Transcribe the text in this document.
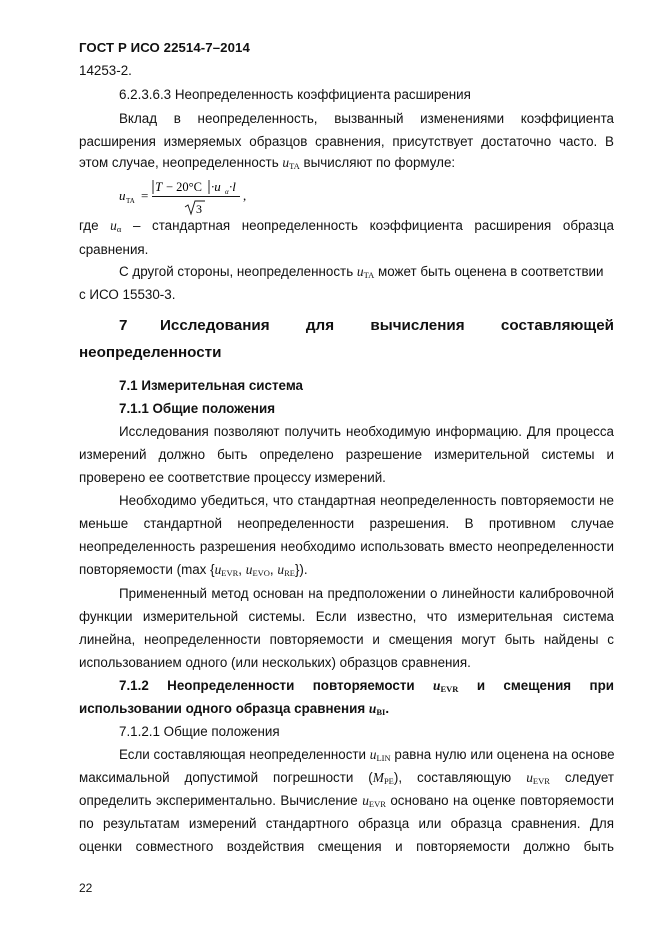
ГОСТ Р ИСО 22514-7–2014
14253-2.
6.2.3.6.3 Неопределенность коэффициента расширения
Вклад в неопределенность, вызванный изменениями коэффициента
расширения измеряемых образцов сравнения, присутствует достаточно часто. В
этом случае, неопределенность uTA вычисляют по формуле:
u TA =
T − 20°C ·u α ·l
3
,
где uα – стандартная неопределенность коэффициента расширения образца
сравнения.
С другой стороны, неопределенность uTA может быть оценена в соответствии
с ИСО 15530-3.
7 Исследования для вычисления составляющей
неопределенности
7.1 Измерительная система
7.1.1 Общие положения
Исследования позволяют получить необходимую информацию. Для процесса
измерений должно быть определено разрешение измерительной системы и
проверено ее соответствие процессу измерений.
Необходимо убедиться, что стандартная неопределенность повторяемости не
меньше стандартной неопределенности разрешения. В противном случае
неопределенность разрешения необходимо использовать вместо неопределенности
повторяемости (max {uEVR, uEVO, uRE}).
Примененный метод основан на предположении о линейности калибровочной
функции измерительной системы. Если известно, что измерительная система
линейна, неопределенности повторяемости и смещения могут быть найдены с
использованием одного (или нескольких) образцов сравнения.
7.1.2 Неопределенности повторяемости uEVR и смещения при
использовании одного образца сравнения uBI.
7.1.2.1 Общие положения
Если составляющая неопределенности uLIN равна нулю или оценена на основе
максимальной допустимой погрешности (MPE), составляющую uEVR следует
определить экспериментально. Вычисление uEVR основано на оценке повторяемости
по результатам измерений стандартного образца или образца сравнения. Для
оценки совместного воздействия смещения и повторяемости должно быть
22
